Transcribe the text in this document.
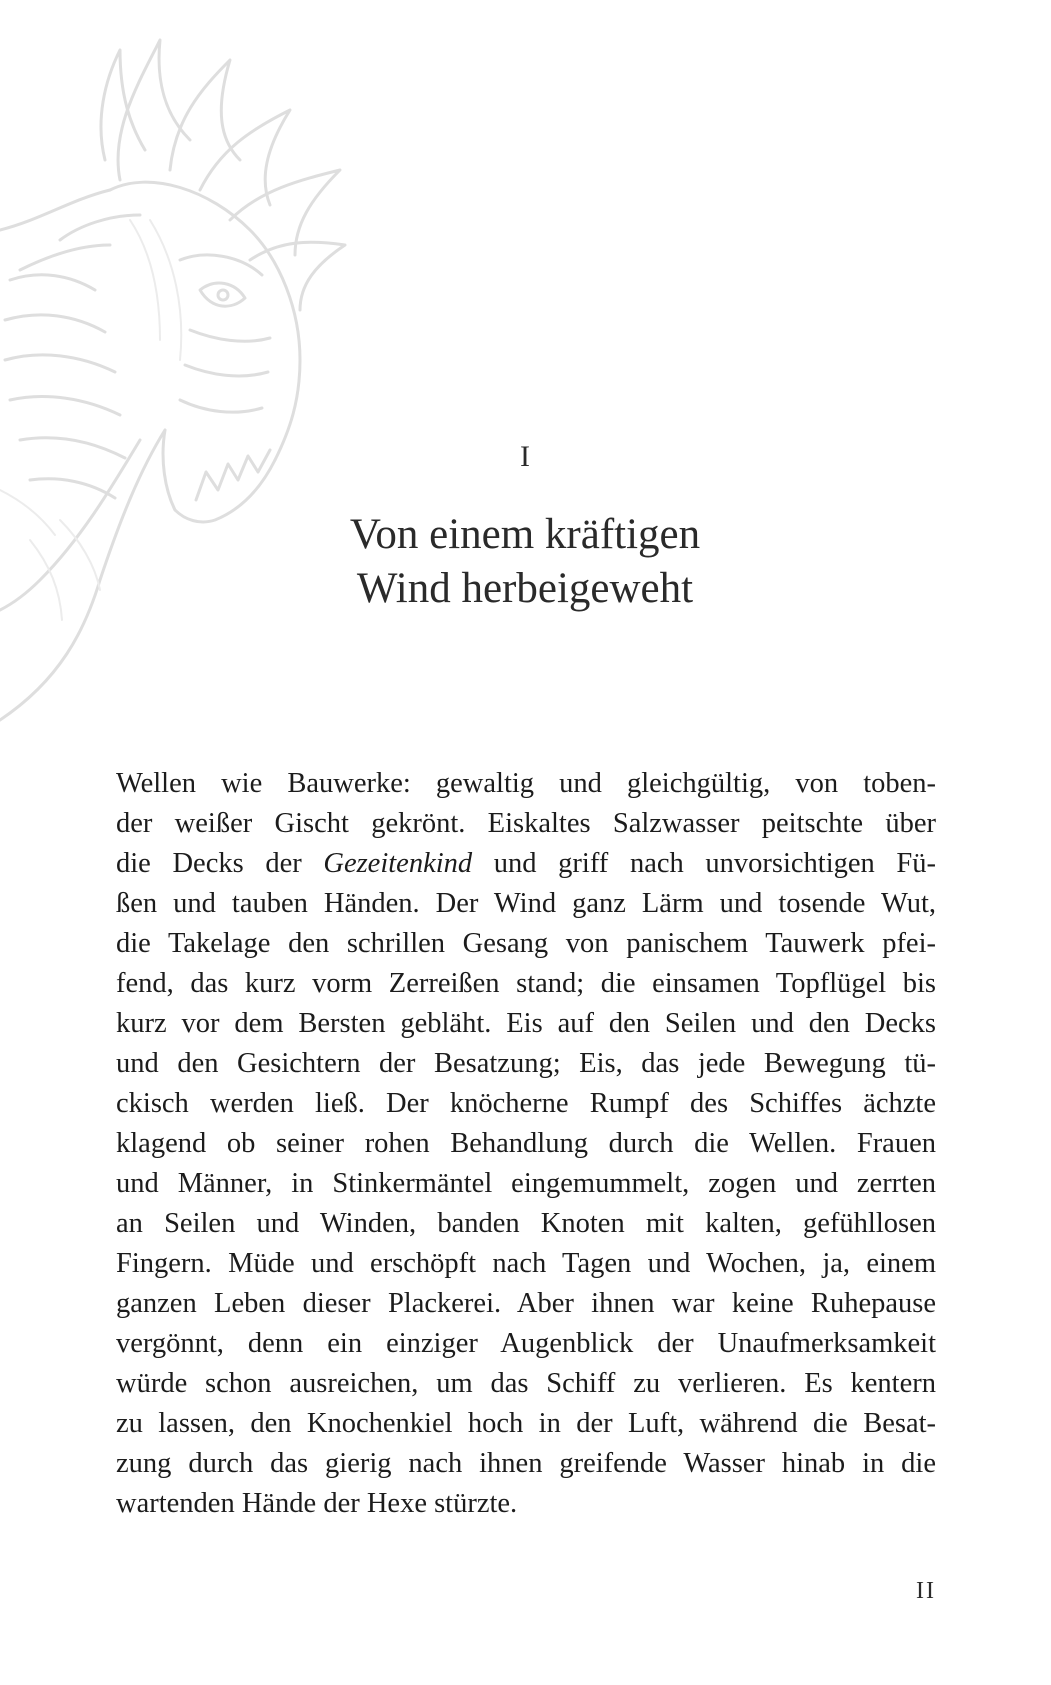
I
Von einem kräftigen
Wind herbeigeweht
Wellen wie Bauwerke: gewaltig und gleichgültig, von toben-
der weißer Gischt gekrönt. Eiskaltes Salzwasser peitschte über
die Decks der Gezeitenkind und griff nach unvorsichtigen Fü-
ßen und tauben Händen. Der Wind ganz Lärm und tosende Wut,
die Takelage den schrillen Gesang von panischem Tauwerk pfei-
fend, das kurz vorm Zerreißen stand; die einsamen Topflügel bis
kurz vor dem Bersten gebläht. Eis auf den Seilen und den Decks
und den Gesichtern der Besatzung; Eis, das jede Bewegung tü-
ckisch werden ließ. Der knöcherne Rumpf des Schiffes ächzte
klagend ob seiner rohen Behandlung durch die Wellen. Frauen
und Männer, in Stinkermäntel eingemummelt, zogen und zerrten
an Seilen und Winden, banden Knoten mit kalten, gefühllosen
Fingern. Müde und erschöpft nach Tagen und Wochen, ja, einem
ganzen Leben dieser Plackerei. Aber ihnen war keine Ruhepause
vergönnt, denn ein einziger Augenblick der Unaufmerksamkeit
würde schon ausreichen, um das Schiff zu verlieren. Es kentern
zu lassen, den Knochenkiel hoch in der Luft, während die Besat-
zung durch das gierig nach ihnen greifende Wasser hinab in die
wartenden Hände der Hexe stürzte.
II
